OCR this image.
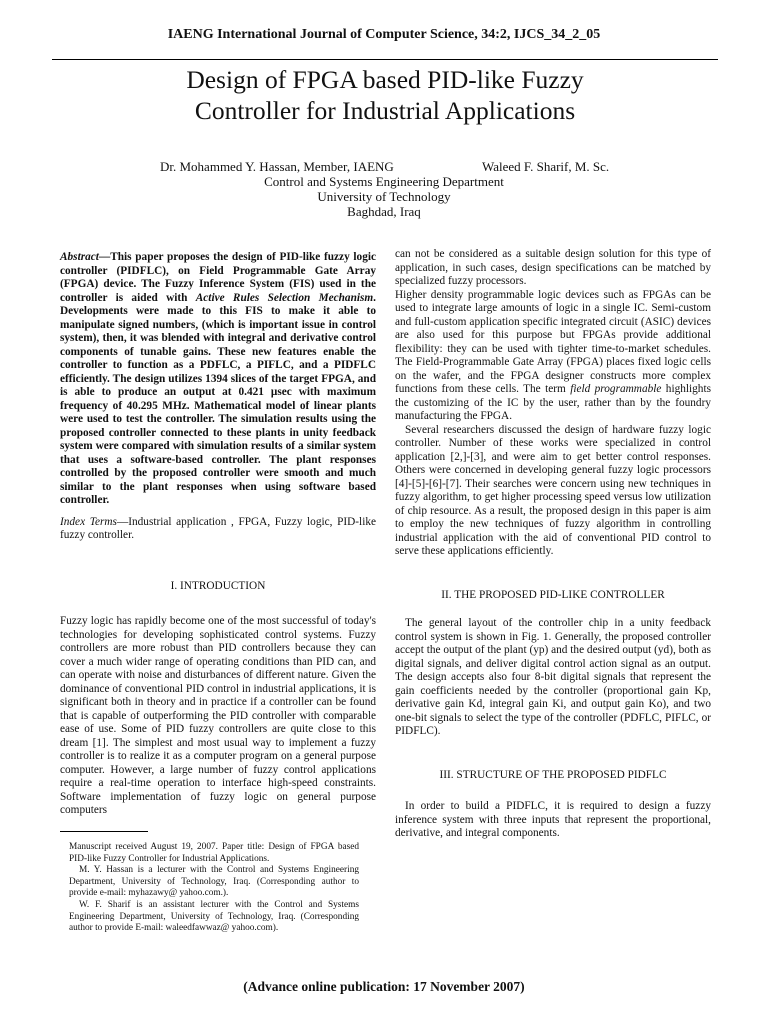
IAENG International Journal of Computer Science, 34:2, IJCS_34_2_05
Design of FPGA based PID-like Fuzzy
Controller for Industrial Applications
Dr. Mohammed Y. Hassan, Member, IAENG	Waleed F. Sharif, M. Sc.
Control and Systems Engineering Department
University of Technology
Baghdad, Iraq

Abstract—This paper proposes the design of PID-like fuzzy logic controller (PIDFLC), on Field Programmable Gate Array (FPGA) device. The Fuzzy Inference System (FIS) used in the controller is aided with Active Rules Selection Mechanism. Developments were made to this FIS to make it able to manipulate signed numbers, (which is important issue in control system), then, it was blended with integral and derivative control components of tunable gains. These new features enable the controller to function as a PDFLC, a PIFLC, and a PIDFLC efficiently. The design utilizes 1394 slices of the target FPGA, and is able to produce an output at 0.421 μsec with maximum frequency of 40.295 MHz. Mathematical model of linear plants were used to test the controller. The simulation results using the proposed controller connected to these plants in unity feedback system were compared with simulation results of a similar system that uses a software-based controller. The plant responses controlled by the proposed controller were smooth and much similar to the plant responses when using software based controller.

Index Terms—Industrial application , FPGA, Fuzzy logic, PID-like fuzzy controller.

I. INTRODUCTION

Fuzzy logic has rapidly become one of the most successful of today's technologies for developing sophisticated control systems. Fuzzy controllers are more robust than PID controllers because they can cover a much wider range of operating conditions than PID can, and can operate with noise and disturbances of different nature. Given the dominance of conventional PID control in industrial applications, it is significant both in theory and in practice if a controller can be found that is capable of outperforming the PID controller with comparable ease of use. Some of PID fuzzy controllers are quite close to this dream [1]. The simplest and most usual way to implement a fuzzy controller is to realize it as a computer program on a general purpose computer. However, a large number of fuzzy control applications require a real-time operation to interface high-speed constraints. Software implementation of fuzzy logic on general purpose computers

Manuscript received August 19, 2007. Paper title: Design of FPGA based PID-like Fuzzy Controller for Industrial Applications.

M. Y. Hassan is a lecturer with the Control and Systems Engineering Department, University of Technology, Iraq. (Corresponding author to provide e-mail: myhazawy@ yahoo.com.).

W. F. Sharif is an assistant lecturer with the Control and Systems Engineering Department, University of Technology, Iraq. (Corresponding author to provide E-mail: waleedfawwaz@ yahoo.com).

can not be considered as a suitable design solution for this type of application, in such cases, design specifications can be matched by specialized fuzzy processors.

Higher density programmable logic devices such as FPGAs can be used to integrate large amounts of logic in a single IC. Semi-custom and full-custom application specific integrated circuit (ASIC) devices are also used for this purpose but FPGAs provide additional flexibility: they can be used with tighter time-to-market schedules. The Field-Programmable Gate Array (FPGA) places fixed logic cells on the wafer, and the FPGA designer constructs more complex functions from these cells. The term field programmable highlights the customizing of the IC by the user, rather than by the foundry manufacturing the FPGA.

Several researchers discussed the design of hardware fuzzy logic controller. Number of these works were specialized in control application [2,]-[3], and were aim to get better control responses. Others were concerned in developing general fuzzy logic processors [4]-[5]-[6]-[7]. Their searches were concern using new techniques in fuzzy algorithm, to get higher processing speed versus low utilization of chip resource. As a result, the proposed design in this paper is aim to employ the new techniques of fuzzy algorithm in controlling industrial application with the aid of conventional PID control to serve these applications efficiently.

II. THE PROPOSED PID-LIKE CONTROLLER

The general layout of the controller chip in a unity feedback control system is shown in Fig. 1. Generally, the proposed controller accept the output of the plant (yp) and the desired output (yd), both as digital signals, and deliver digital control action signal as an output. The design accepts also four 8-bit digital signals that represent the gain coefficients needed by the controller (proportional gain Kp, derivative gain Kd, integral gain Ki, and output gain Ko), and two one-bit signals to select the type of the controller (PDFLC, PIFLC, or PIDFLC).

III. STRUCTURE OF THE PROPOSED PIDFLC

In order to build a PIDFLC, it is required to design a fuzzy inference system with three inputs that represent the proportional, derivative, and integral components.

(Advance online publication: 17 November 2007)
